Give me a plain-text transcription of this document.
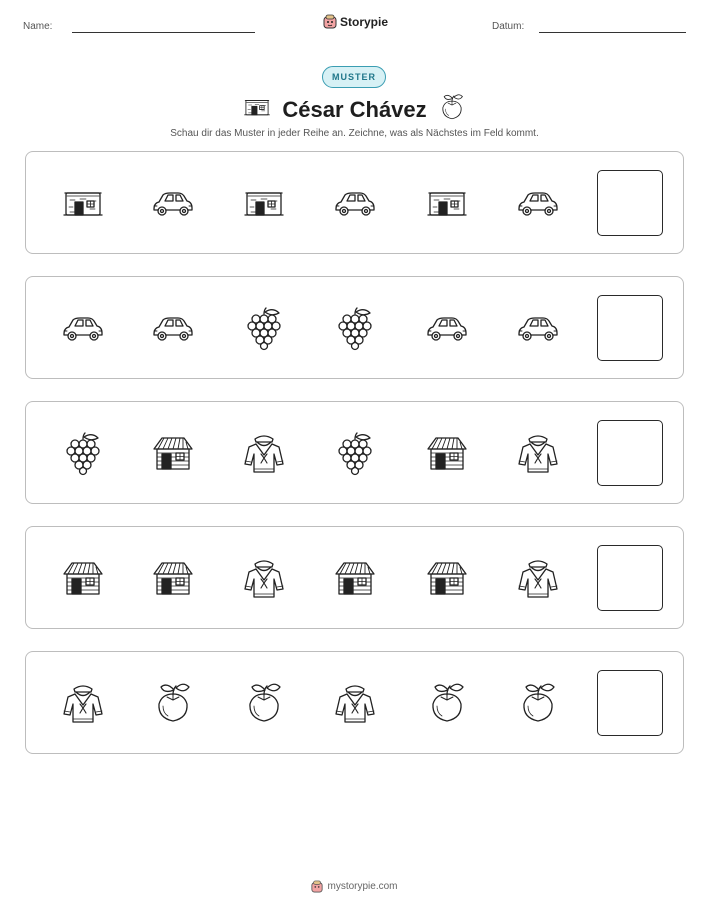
Name:	Storypie	Datum:
MUSTER
César Chávez
Schau dir das Muster in jeder Reihe an. Zeichne, was als Nächstes im Feld kommt.
mystorypie.com
